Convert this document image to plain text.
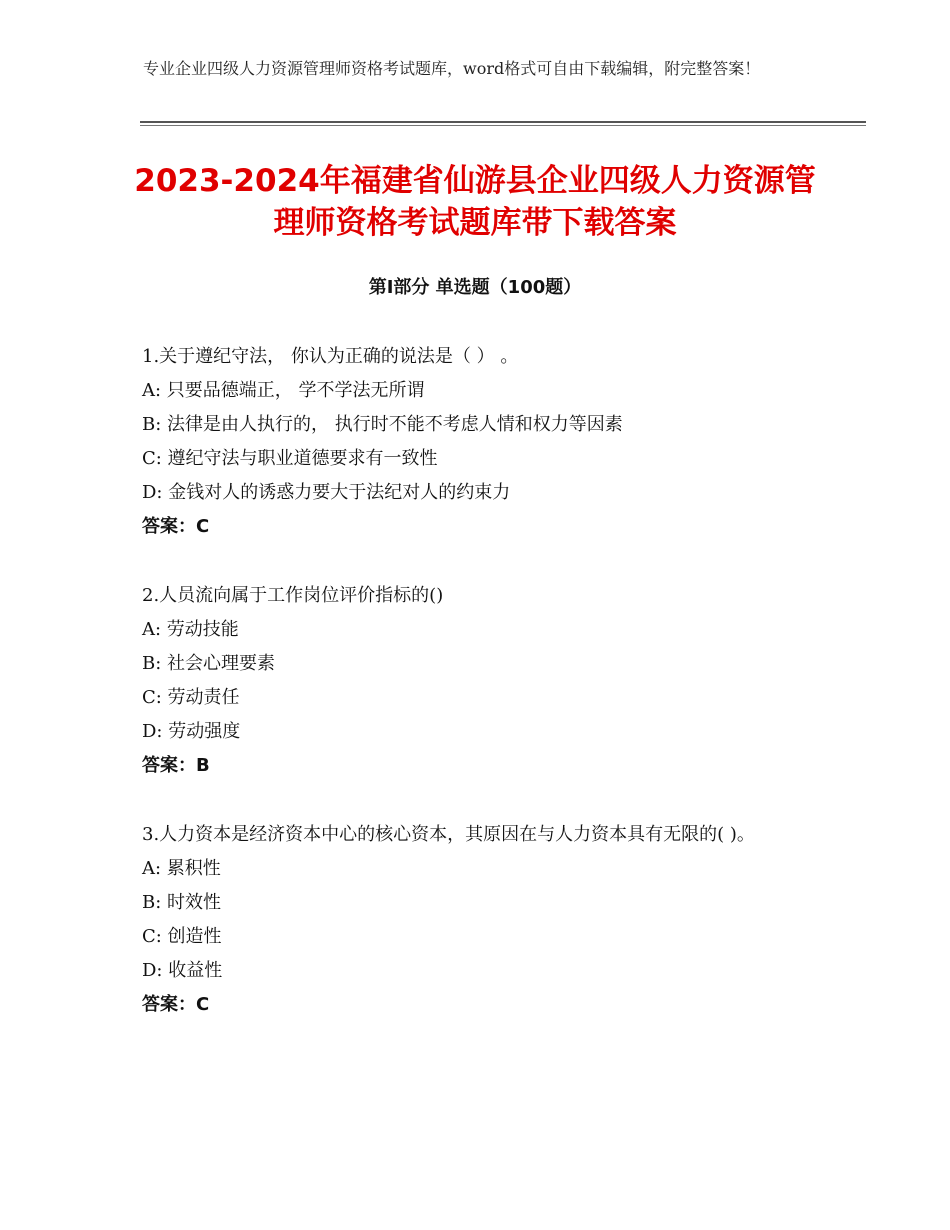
专业企业四级人力资源管理师资格考试题库，word格式可自由下载编辑，附完整答案！
2023-2024年福建省仙游县企业四级人力资源管理师资格考试题库带下载答案
第Ⅰ部分 单选题（100题）
1.关于遵纪守法， 你认为正确的说法是（ ） 。
A: 只要品德端正， 学不学法无所谓
B: 法律是由人执行的， 执行时不能不考虑人情和权力等因素
C: 遵纪守法与职业道德要求有一致性
D: 金钱对人的诱惑力要大于法纪对人的约束力
答案：C
2.人员流向属于工作岗位评价指标的()
A: 劳动技能
B: 社会心理要素
C: 劳动责任
D: 劳动强度
答案：B
3.人力资本是经济资本中心的核心资本，其原因在与人力资本具有无限的( )。
A: 累积性
B: 时效性
C: 创造性
D: 收益性
答案：C
